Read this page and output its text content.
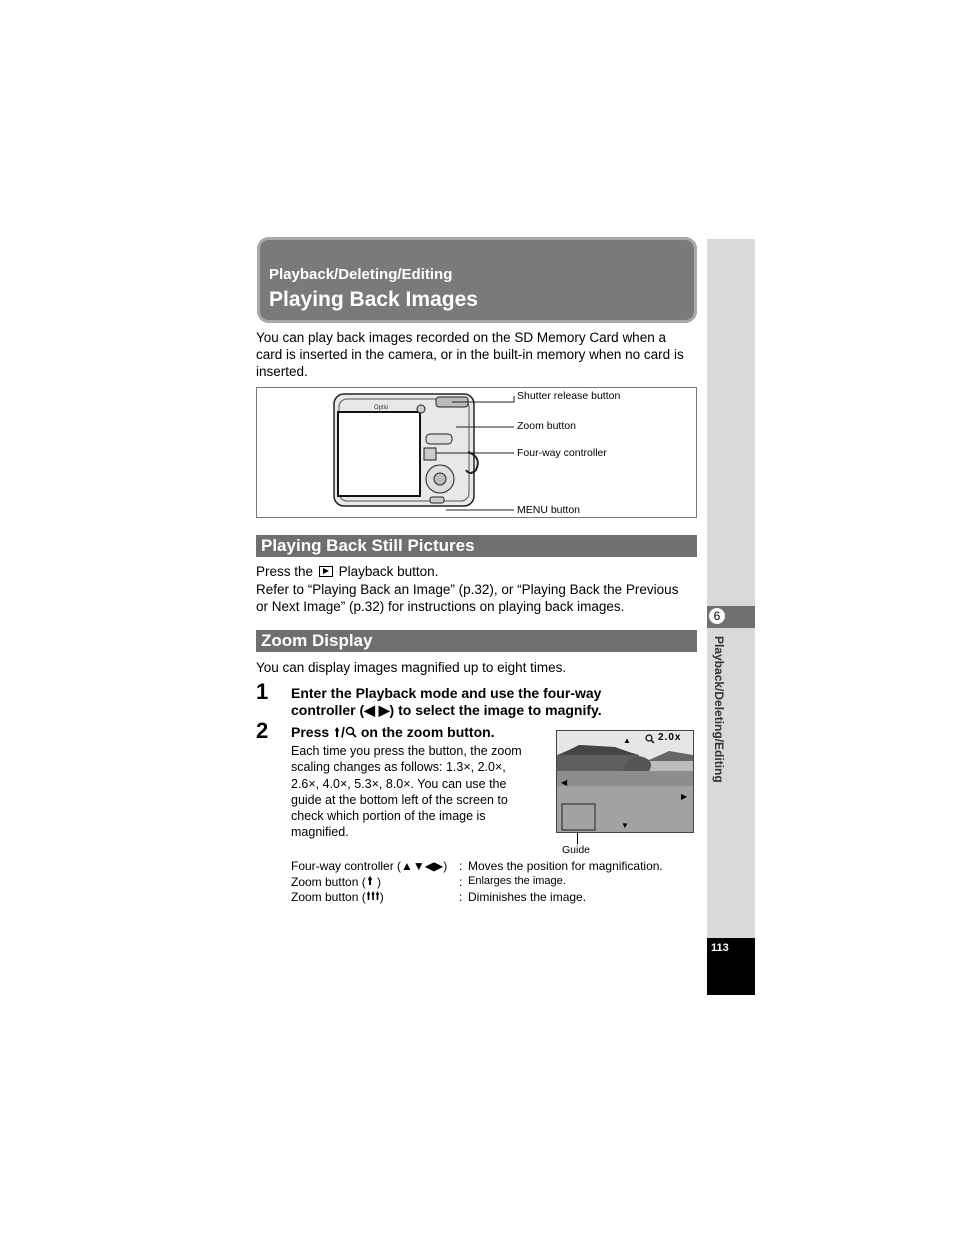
Playback/Deleting/Editing
Playing Back Images
You can play back images recorded on the SD Memory Card when a
card is inserted in the camera, or in the built-in memory when no card is
inserted.
Optio
Shutter release button
Zoom button
Four-way controller
MENU button
Playing Back Still Pictures
Press the Playback button.
Refer to “Playing Back an Image” (p.32), or “Playing Back the Previous
or Next Image” (p.32) for instructions on playing back images.
Zoom Display
You can display images magnified up to eight times.
1 Enter the Playback mode and use the four-way
controller (◀ ▶) to select the image to magnify.
2 Press / on the zoom button.
Each time you press the button, the zoom
scaling changes as follows: 1.3×, 2.0×,
2.6×, 4.0×, 5.3×, 8.0×. You can use the
guide at the bottom left of the screen to
check which portion of the image is
magnified.
▲
◀
▶
▼
2.0x
Guide
Four-way controller (▲▼◀▶) : Moves the position for magnification.
Zoom button ( )	: Enlarges the image.
Zoom button ( )	: Diminishes the image.
6
Playback/Deleting/Editing
113
